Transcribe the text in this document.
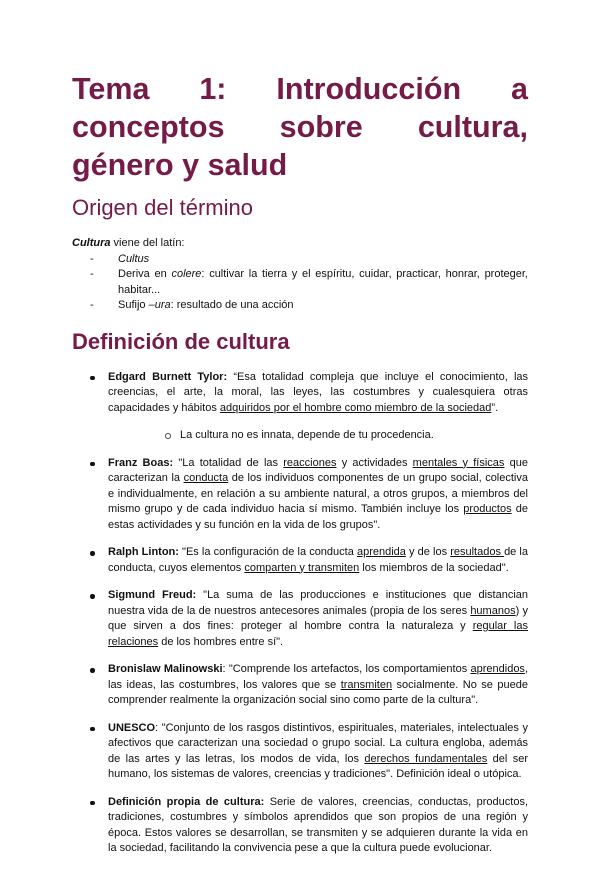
Tema 1: Introducción a conceptos sobre cultura, género y salud
Origen del término

Cultura viene del latín:

- Cultus
- Deriva en colere: cultivar la tierra y el espíritu, cuidar, practicar, honrar, proteger, habitar...
- Sufijo –ura: resultado de una acción
Definición de cultura
Edgard Burnett Tylor: “Esa totalidad compleja que incluye el conocimiento, las creencias, el arte, la moral, las leyes, las costumbres y cualesquiera otras capacidades y hábitos adquiridos por el hombre como miembro de la sociedad”.
La cultura no es innata, depende de tu procedencia.
Franz Boas: "La totalidad de las reacciones y actividades mentales y físicas que caracterizan la conducta de los individuos componentes de un grupo social, colectiva e individualmente, en relación a su ambiente natural, a otros grupos, a miembros del mismo grupo y de cada individuo hacia sí mismo. También incluye los productos de estas actividades y su función en la vida de los grupos".
Ralph Linton: "Es la configuración de la conducta aprendida y de los resultados de la conducta, cuyos elementos comparten y transmiten los miembros de la sociedad".
Sigmund Freud: "La suma de las producciones e instituciones que distancian nuestra vida de la de nuestros antecesores animales (propia de los seres humanos) y que sirven a dos fines: proteger al hombre contra la naturaleza y regular las relaciones de los hombres entre sí".
Bronislaw Malinowski: "Comprende los artefactos, los comportamientos aprendidos, las ideas, las costumbres, los valores que se transmiten socialmente. No se puede comprender realmente la organización social sino como parte de la cultura".
UNESCO: "Conjunto de los rasgos distintivos, espirituales, materiales, intelectuales y afectivos que caracterizan una sociedad o grupo social. La cultura engloba, además de las artes y las letras, los modos de vida, los derechos fundamentales del ser humano, los sistemas de valores, creencias y tradiciones". Definición ideal o utópica.
Definición propia de cultura: Serie de valores, creencias, conductas, productos, tradiciones, costumbres y símbolos aprendidos que son propios de una región y época. Estos valores se desarrollan, se transmiten y se adquieren durante la vida en la sociedad, facilitando la convivencia pese a que la cultura puede evolucionar.
